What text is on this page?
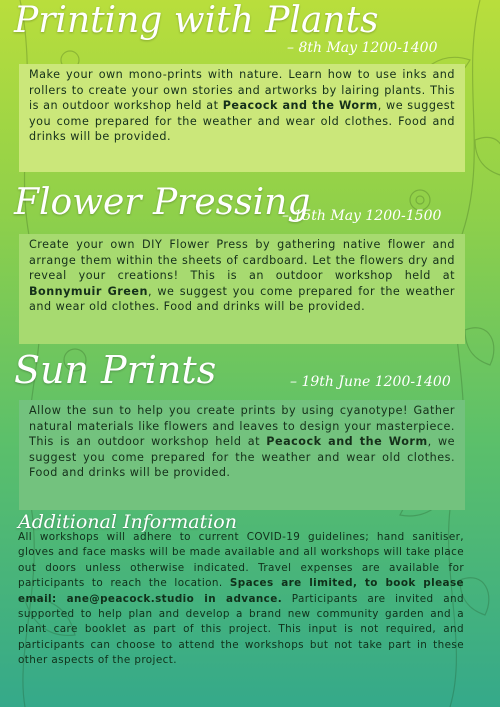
Printing with Plants
– 8th May 1200-1400
Make your own mono-prints with nature. Learn how to use inks and rollers to create your own stories and artworks by lairing plants. This is an outdoor workshop held at Peacock and the Worm, we suggest you come prepared for the weather and wear old clothes. Food and drinks will be provided.
Flower Pressing
– 15th May 1200-1500
Create your own DIY Flower Press by gathering native flower and arrange them within the sheets of cardboard. Let the flowers dry and reveal your creations! This is an outdoor workshop held at Bonnymuir Green, we suggest you come prepared for the weather and wear old clothes. Food and drinks will be provided.
Sun Prints	– 19th June 1200-1400
Allow the sun to help you create prints by using cyanotype! Gather natural materials like flowers and leaves to design your masterpiece. This is an outdoor workshop held at Peacock and the Worm, we suggest you come prepared for the weather and wear old clothes. Food and drinks will be provided.
Additional Information
All workshops will adhere to current COVID-19 guidelines; hand sanitiser, gloves and face masks will be made available and all workshops will take place out doors unless otherwise indicated. Travel expenses are available for participants to reach the location. Spaces are limited, to book please email: ane@peacock.studio in advance. Participants are invited and supported to help plan and develop a brand new community garden and a plant care booklet as part of this project. This input is not required, and participants can choose to attend the workshops but not take part in these other aspects of the project.
